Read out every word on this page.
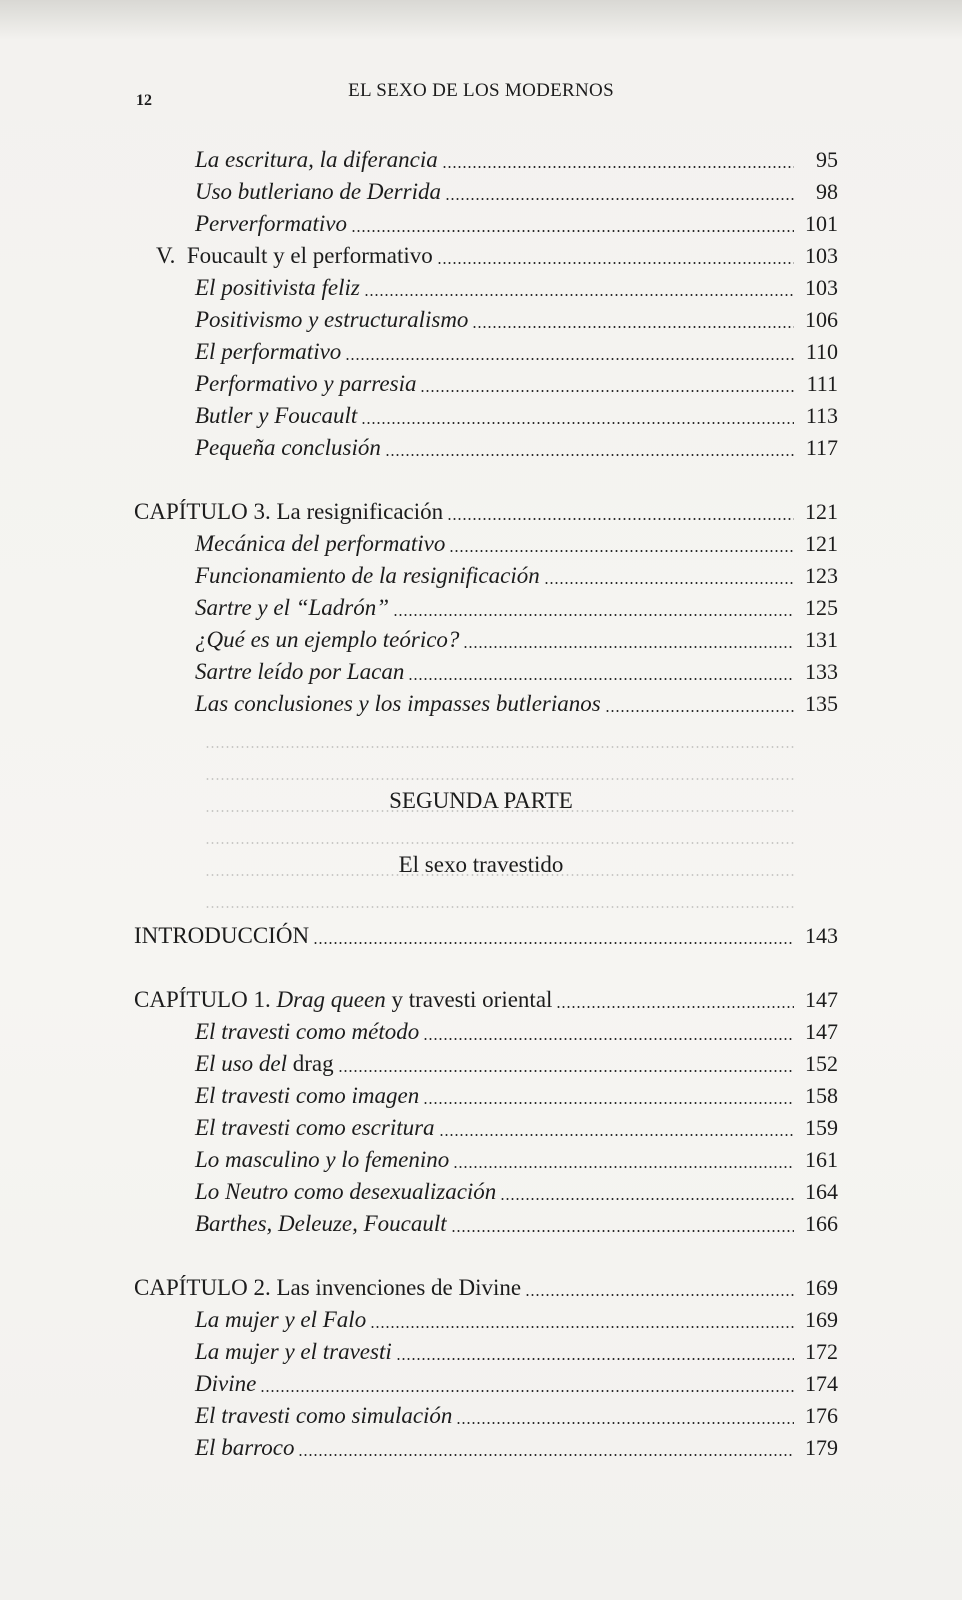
12	EL SEXO DE LOS MODERNOS
La escritura, la diferancia	95
Uso butleriano de Derrida	98
Perverformativo	101
V.  Foucault y el performativo	103
El positivista feliz	103
Positivismo y estructuralismo	106
El performativo	110
Performativo y parresia	111
Butler y Foucault	113
Pequeña conclusión	117
CAPÍTULO 3. La resignificación	121
Mecánica del performativo	121
Funcionamiento de la resignificación	123
Sartre y el “Ladrón”	125
¿Qué es un ejemplo teórico?	131
Sartre leído por Lacan	133
Las conclusiones y los impasses butlerianos	135
SEGUNDA PARTE
El sexo travestido
INTRODUCCIÓN	143
CAPÍTULO 1. Drag queen y travesti oriental	147
El travesti como método	147
El uso del drag	152
El travesti como imagen	158
El travesti como escritura	159
Lo masculino y lo femenino	161
Lo Neutro como desexualización	164
Barthes, Deleuze, Foucault	166
CAPÍTULO 2. Las invenciones de Divine	169
La mujer y el Falo	169
La mujer y el travesti	172
Divine	174
El travesti como simulación	176
El barroco	179
